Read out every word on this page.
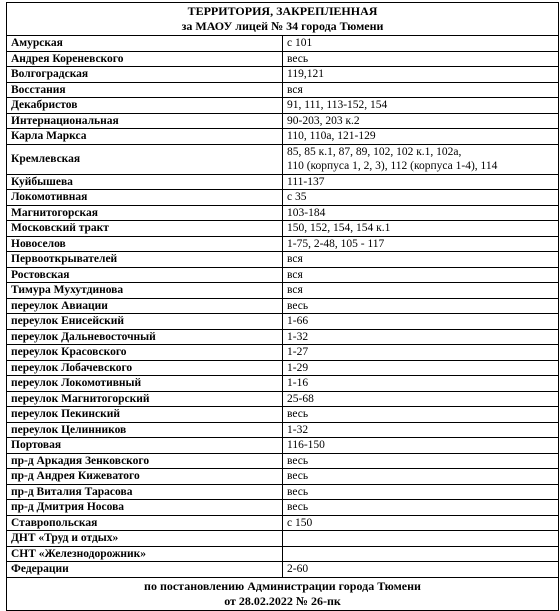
ТЕРРИТОРИЯ, ЗАКРЕПЛЕННАЯ
за МАОУ лицей № 34 города Тюмени	

Амурская	с 101
Андрея Кореневского	весь
Волгоградская	119,121
Восстания	вся
Декабристов	91, 111, 113-152, 154
Интернациональная	90-203, 203 к.2
Карла Маркса	110, 110а, 121-129
Кремлевская	85, 85 к.1, 87, 89, 102, 102 к.1, 102а,
110 (корпуса 1, 2, 3), 112 (корпуса 1-4), 114

Куйбышева	111-137
Локомотивная	с 35
Магнитогорская	103-184
Московский тракт	150, 152, 154, 154 к.1
Новоселов	1-75, 2-48, 105 - 117
Первооткрывателей	вся
Ростовская	вся
Тимура Мухутдинова	вся
переулок Авиации	весь
переулок Енисейский	1-66
переулок Дальневосточный	1-32
переулок Красовского	1-27
переулок Лобачевского	1-29
переулок Локомотивный	1-16
переулок Магнитогорский	25-68
переулок Пекинский	весь
переулок Целинников	1-32
Портовая	116-150
пр-д Аркадия Зенковского	весь
пр-д Андрея Кижеватого	весь
пр-д Виталия Тарасова	весь
пр-д Дмитрия Носова	весь
Ставропольская	с 150
ДНТ «Труд и отдых»	
СНТ «Железнодорожник»	
Федерации	2-60

по постановлению Администрации города Тюмени
от 28.02.2022 № 26-пк	
